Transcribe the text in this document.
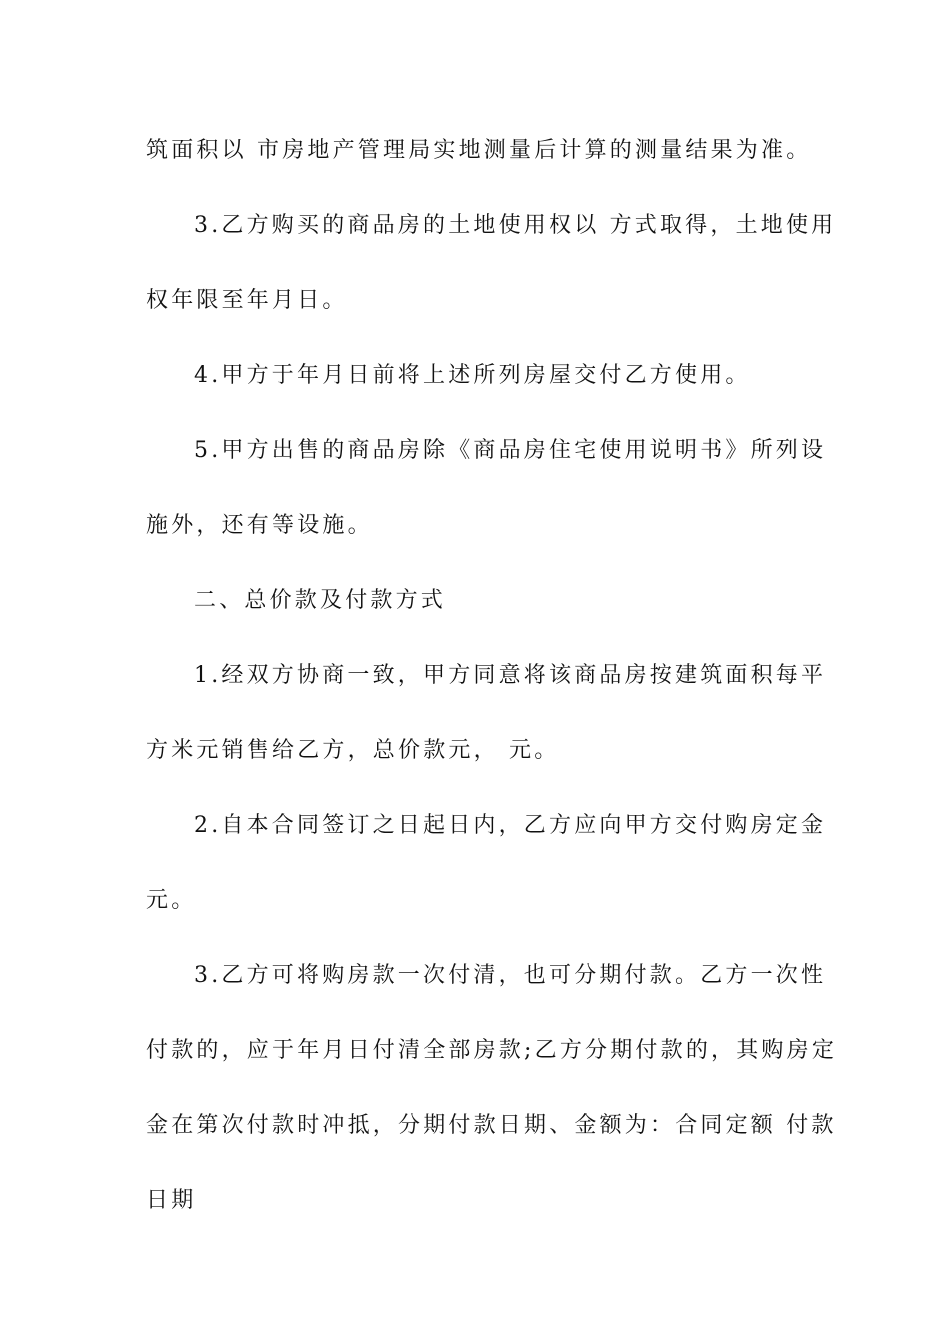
筑面积以 市房地产管理局实地测量后计算的测量结果为准。
3.乙方购买的商品房的土地使用权以 方式取得，土地使用
权年限至年月日。
4.甲方于年月日前将上述所列房屋交付乙方使用。
5.甲方出售的商品房除《商品房住宅使用说明书》所列设
施外，还有等设施。
二、总价款及付款方式
1.经双方协商一致，甲方同意将该商品房按建筑面积每平
方米元销售给乙方，总价款元， 元。
2.自本合同签订之日起日内，乙方应向甲方交付购房定金
元。
3.乙方可将购房款一次付清，也可分期付款。乙方一次性
付款的，应于年月日付清全部房款;乙方分期付款的，其购房定
金在第次付款时冲抵，分期付款日期、金额为：合同定额 付款
日期
